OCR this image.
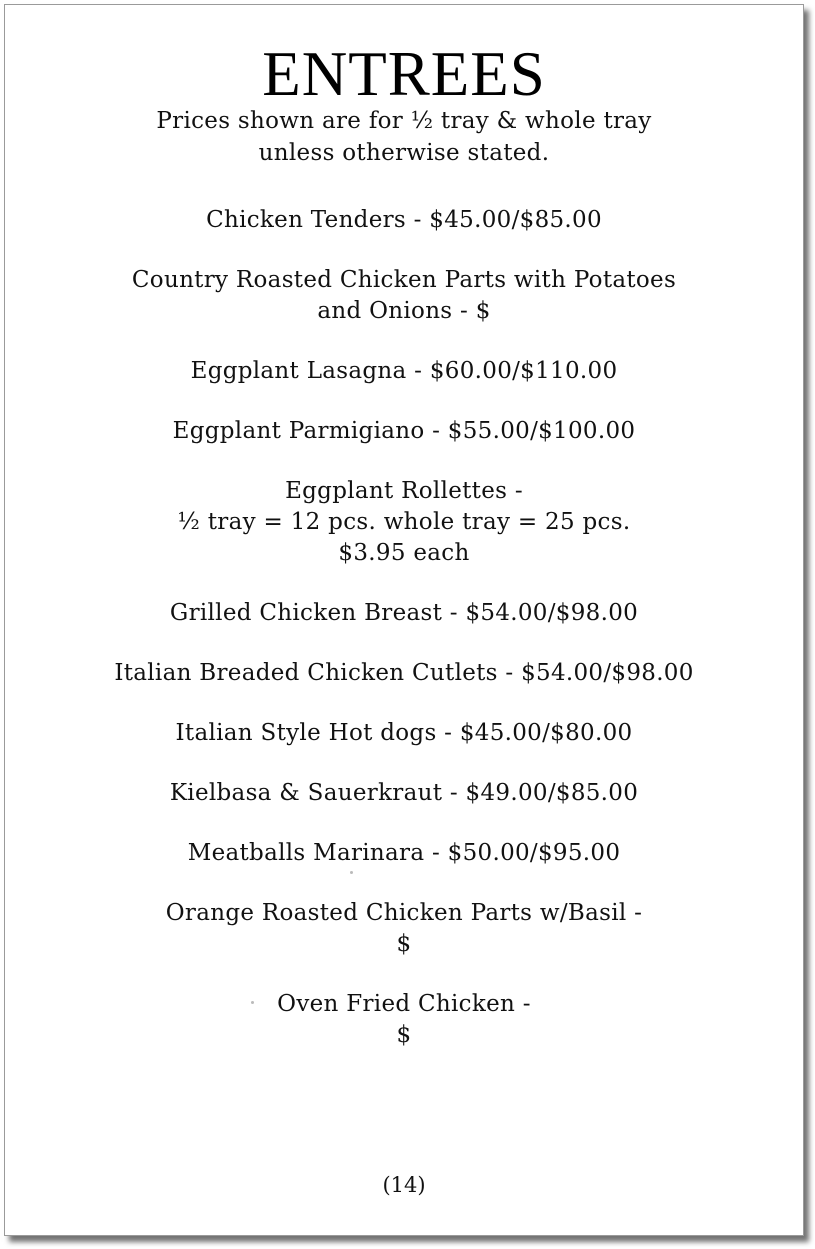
ENTREES
Prices shown are for ½ tray & whole tray
unless otherwise stated.
Chicken Tenders - $45.00/$85.00
Country Roasted Chicken Parts with Potatoes
and Onions - $
Eggplant Lasagna - $60.00/$110.00
Eggplant Parmigiano - $55.00/$100.00
Eggplant Rollettes -
½ tray = 12 pcs. whole tray = 25 pcs.
$3.95 each
Grilled Chicken Breast - $54.00/$98.00
Italian Breaded Chicken Cutlets - $54.00/$98.00
Italian Style Hot dogs - $45.00/$80.00
Kielbasa & Sauerkraut - $49.00/$85.00
Meatballs Marinara - $50.00/$95.00
Orange Roasted Chicken Parts w/Basil -
$
Oven Fried Chicken -
$
(14)
